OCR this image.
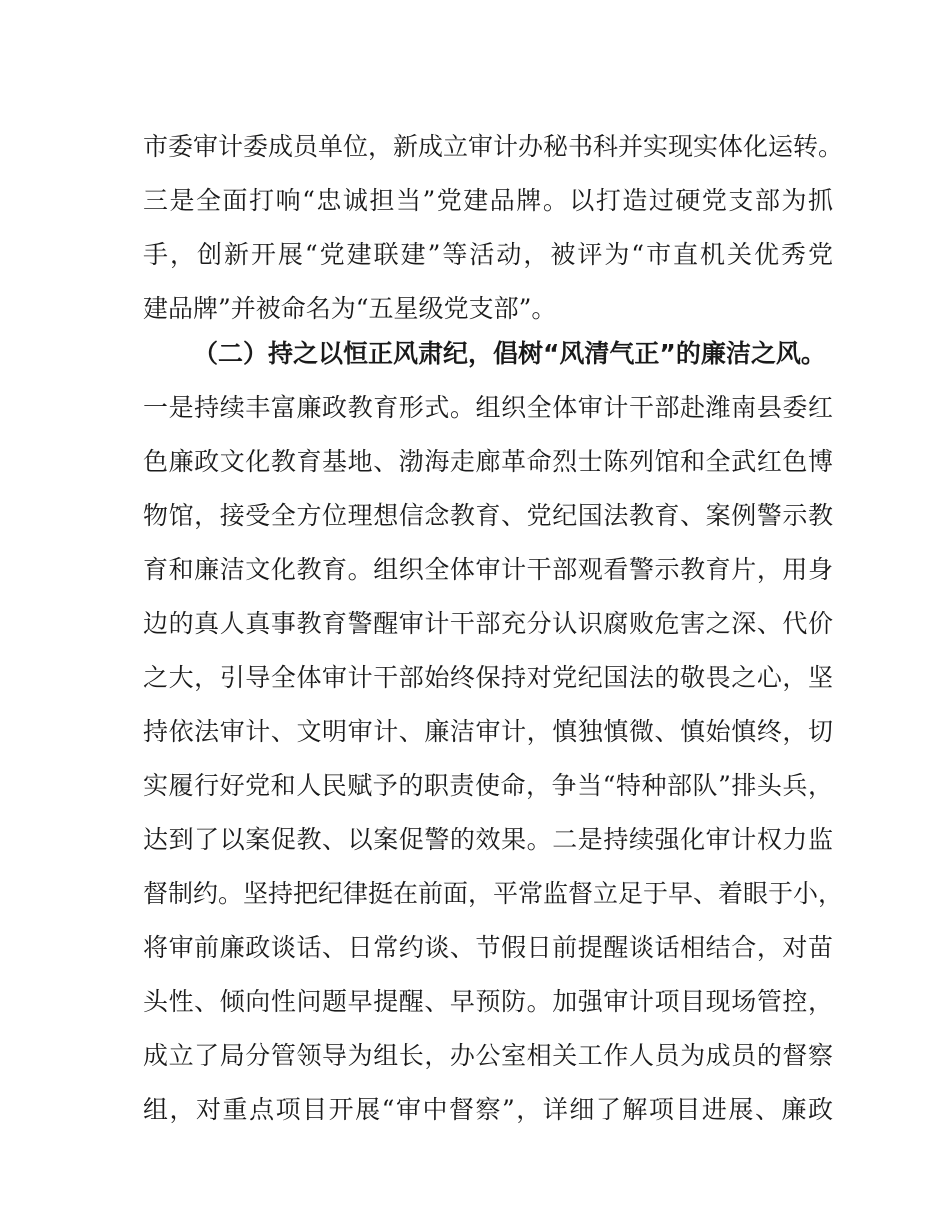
市委审计委成员单位，新成立审计办秘书科并实现实体化运转。
三是全面打响“忠诚担当”党建品牌。以打造过硬党支部为抓
手，创新开展“党建联建”等活动，被评为“市直机关优秀党
建品牌”并被命名为“五星级党支部”。
（二）持之以恒正风肃纪，倡树“风清气正”的廉洁之风。
一是持续丰富廉政教育形式。组织全体审计干部赴潍南县委红
色廉政文化教育基地、渤海走廊革命烈士陈列馆和全武红色博
物馆，接受全方位理想信念教育、党纪国法教育、案例警示教
育和廉洁文化教育。组织全体审计干部观看警示教育片，用身
边的真人真事教育警醒审计干部充分认识腐败危害之深、代价
之大，引导全体审计干部始终保持对党纪国法的敬畏之心，坚
持依法审计、文明审计、廉洁审计，慎独慎微、慎始慎终，切
实履行好党和人民赋予的职责使命，争当“特种部队”排头兵，
达到了以案促教、以案促警的效果。二是持续强化审计权力监
督制约。坚持把纪律挺在前面，平常监督立足于早、着眼于小，
将审前廉政谈话、日常约谈、节假日前提醒谈话相结合，对苗
头性、倾向性问题早提醒、早预防。加强审计项目现场管控，
成立了局分管领导为组长，办公室相关工作人员为成员的督察
组，对重点项目开展“审中督察”，详细了解项目进展、廉政
